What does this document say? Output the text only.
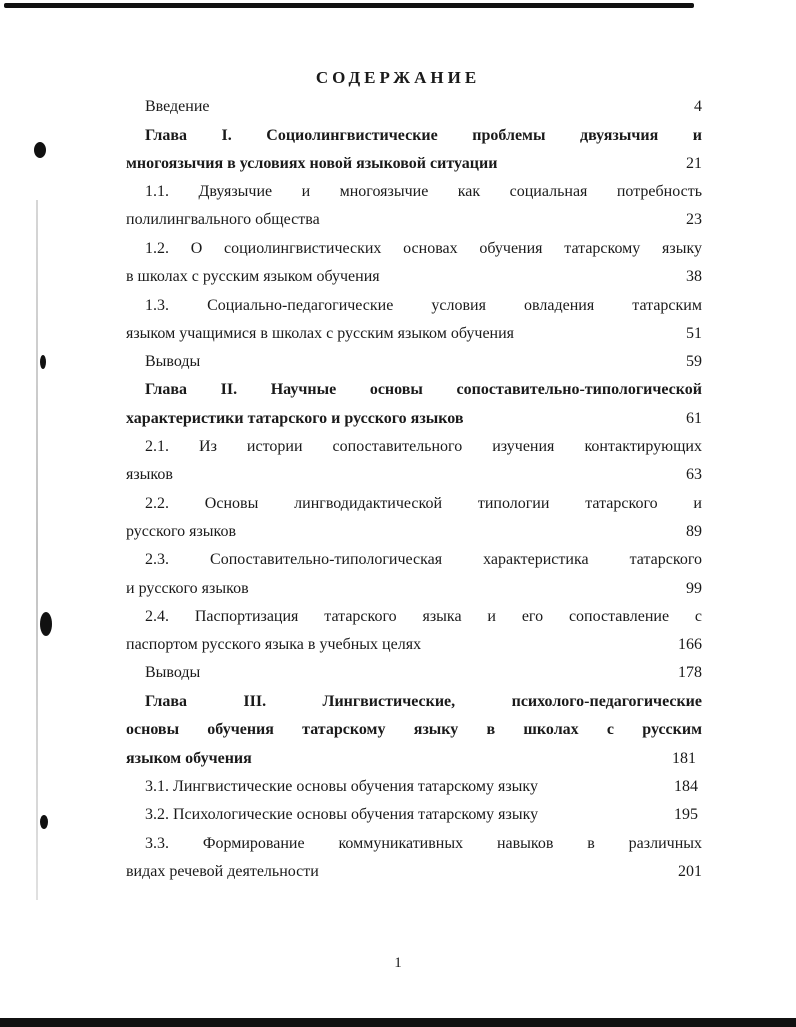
СОДЕРЖАНИЕ
Введение	4
Глава I. Социолингвистические проблемы двуязычия и
многоязычия в условиях новой языковой ситуации	21
1.1. Двуязычие и многоязычие как социальная потребность
полилингвального общества	23
1.2. О социолингвистических основах обучения татарскому языку
в школах с русским языком обучения	38
1.3. Социально-педагогические условия овладения татарским
языком учащимися в школах с русским языком обучения	51
Выводы	59
Глава II. Научные основы сопоставительно-типологической
характеристики татарского и русского языков	61
2.1. Из истории сопоставительного изучения контактирующих
языков	63
2.2. Основы лингводидактической типологии татарского и
русского языков	89
2.3. Сопоставительно-типологическая характеристика татарского
и русского языков	99
2.4. Паспортизация татарского языка и его сопоставление с
паспортом русского языка в учебных целях	166
Выводы	178
Глава III. Лингвистические, психолого-педагогические
основы обучения татарскому языку в школах с русским
языком обучения	181
3.1. Лингвистические основы обучения татарскому языку	184
3.2. Психологические основы обучения татарскому языку	195
3.3. Формирование коммуникативных навыков в различных
видах речевой деятельности	201
1
